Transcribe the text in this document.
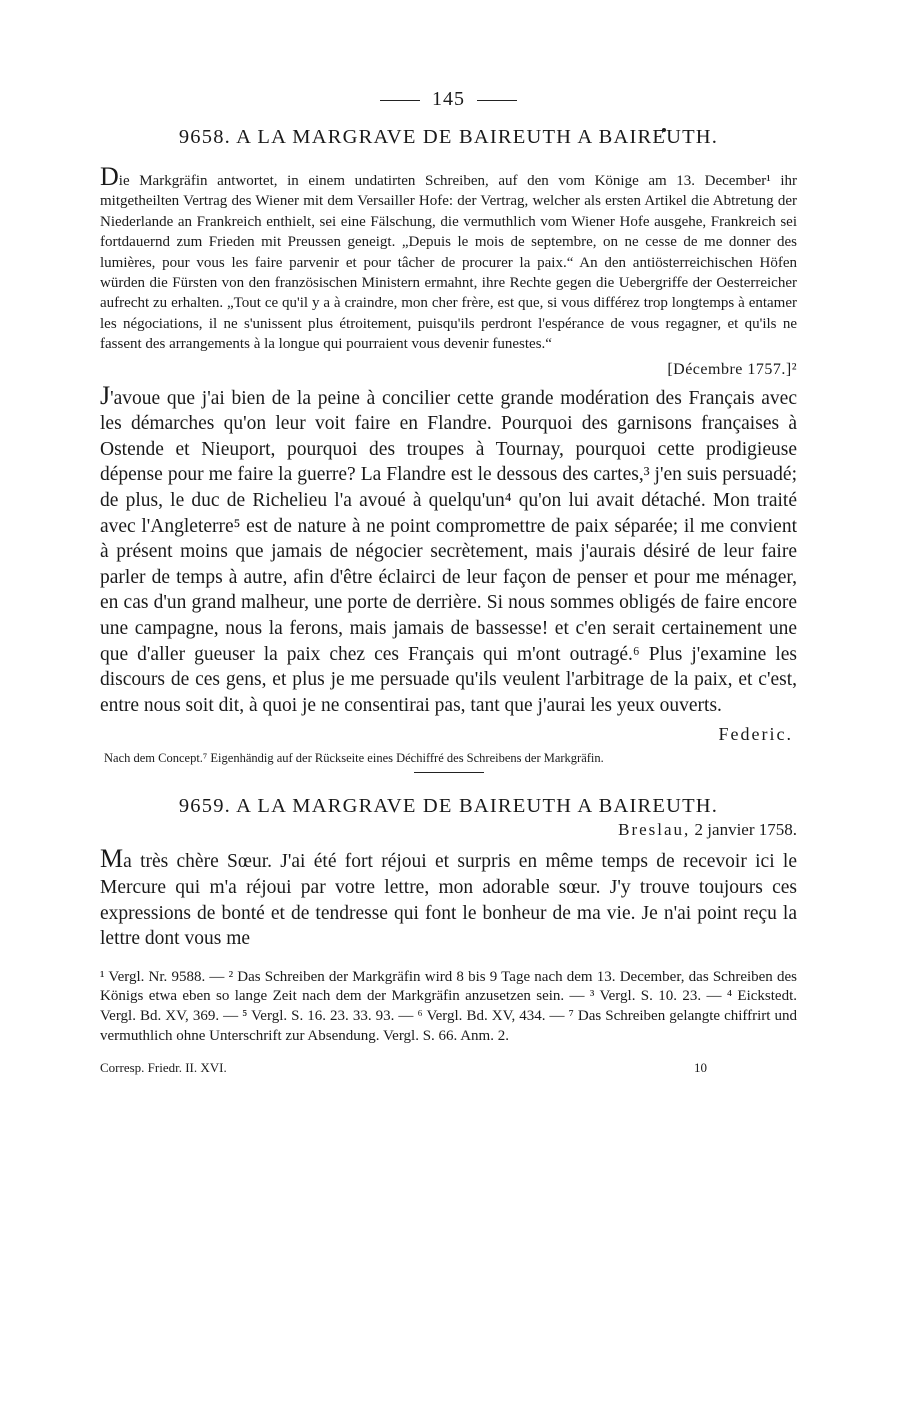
145
9658. A LA MARGRAVE DE BAIREUTH A BAIREUTH.

Die Markgräfin antwortet, in einem undatirten Schreiben, auf den vom Könige am 13. December¹ ihr mitgetheilten Vertrag des Wiener mit dem Versailler Hofe: der Vertrag, welcher als ersten Artikel die Abtretung der Niederlande an Frankreich enthielt, sei eine Fälschung, die vermuthlich vom Wiener Hofe ausgehe, Frankreich sei fortdauernd zum Frieden mit Preussen geneigt. „Depuis le mois de septembre, on ne cesse de me donner des lumières, pour vous les faire parvenir et pour tâcher de procurer la paix.“ An den antiösterreichischen Höfen würden die Fürsten von den französischen Ministern ermahnt, ihre Rechte gegen die Uebergriffe der Oesterreicher aufrecht zu erhalten. „Tout ce qu'il y a à craindre, mon cher frère, est que, si vous différez trop longtemps à entamer les négociations, il ne s'unissent plus étroitement, puisqu'ils perdront l'espérance de vous regagner, et qu'ils ne fassent des arrangements à la longue qui pourraient vous devenir funestes.“

[Décembre 1757.]²

J'avoue que j'ai bien de la peine à concilier cette grande modération des Français avec les démarches qu'on leur voit faire en Flandre. Pourquoi des garnisons françaises à Ostende et Nieuport, pourquoi des troupes à Tournay, pourquoi cette prodigieuse dépense pour me faire la guerre? La Flandre est le dessous des cartes,³ j'en suis persuadé; de plus, le duc de Richelieu l'a avoué à quelqu'un⁴ qu'on lui avait détaché. Mon traité avec l'Angleterre⁵ est de nature à ne point compromettre de paix séparée; il me convient à présent moins que jamais de négocier secrètement, mais j'aurais désiré de leur faire parler de temps à autre, afin d'être éclairci de leur façon de penser et pour me ménager, en cas d'un grand malheur, une porte de derrière. Si nous sommes obligés de faire encore une campagne, nous la ferons, mais jamais de bassesse! et c'en serait certainement une que d'aller gueuser la paix chez ces Français qui m'ont outragé.⁶ Plus j'examine les discours de ces gens, et plus je me persuade qu'ils veulent l'arbitrage de la paix, et c'est, entre nous soit dit, à quoi je ne consentirai pas, tant que j'aurai les yeux ouverts.

Federic.

Nach dem Concept.⁷ Eigenhändig auf der Rückseite eines Déchiffré des Schreibens der Markgräfin.

9659. A LA MARGRAVE DE BAIREUTH A BAIREUTH.
Breslau, 2 janvier 1758.

Ma très chère Sœur. J'ai été fort réjoui et surpris en même temps de recevoir ici le Mercure qui m'a réjoui par votre lettre, mon adorable sœur. J'y trouve toujours ces expressions de bonté et de tendresse qui font le bonheur de ma vie. Je n'ai point reçu la lettre dont vous me

¹ Vergl. Nr. 9588. — ² Das Schreiben der Markgräfin wird 8 bis 9 Tage nach dem 13. December, das Schreiben des Königs etwa eben so lange Zeit nach dem der Markgräfin anzusetzen sein. — ³ Vergl. S. 10. 23. — ⁴ Eickstedt. Vergl. Bd. XV, 369. — ⁵ Vergl. S. 16. 23. 33. 93. — ⁶ Vergl. Bd. XV, 434. — ⁷ Das Schreiben gelangte chiffrirt und vermuthlich ohne Unterschrift zur Absendung. Vergl. S. 66. Anm. 2.

Corresp. Friedr. II. XVI.	10
